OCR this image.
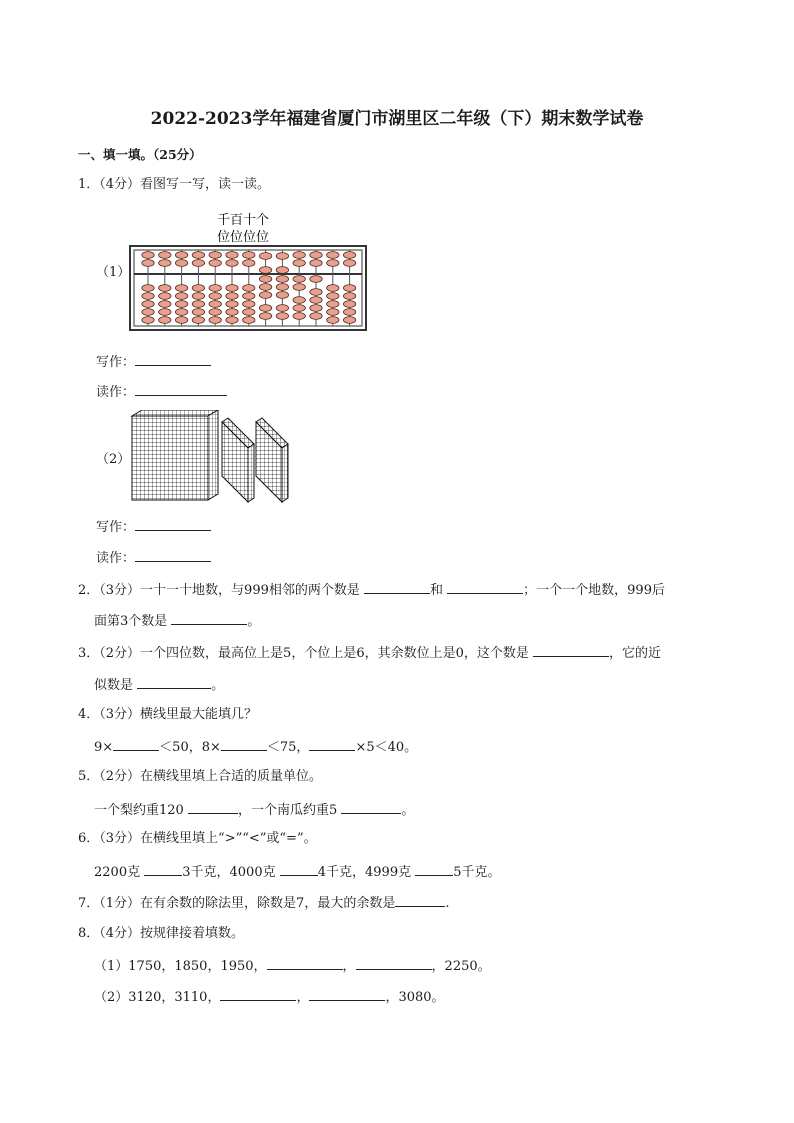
2022-2023学年福建省厦门市湖里区二年级（下）期末数学试卷
一、填一填。（25分）
1．（4分）看图写一写，读一读。
（1）
千百十个
位位位位
写作：
读作：
（2）
写作：
读作：
2．（3分）一十一十地数，与999相邻的两个数是	和	；一个一个地数，999后
面第3个数是	。
3．（2分）一个四位数，最高位上是5，个位上是6，其余数位上是0，这个数是	，它的近
似数是	。
4．（3分）横线里最大能填几？
9×	＜50，8×	＜75，	×5＜40。
5．（2分）在横线里填上合适的质量单位。
一个梨约重120	，一个南瓜约重5	。
6．（3分）在横线里填上“>”“<”或“=”。
2200克	3千克，4000克	4千克，4999克	5千克。
7．（1分）在有余数的除法里，除数是7，最大的余数是	.
8．（4分）按规律接着填数。
（1）1750，1850，1950，	，	，2250。
（2）3120，3110，	，	，3080。
